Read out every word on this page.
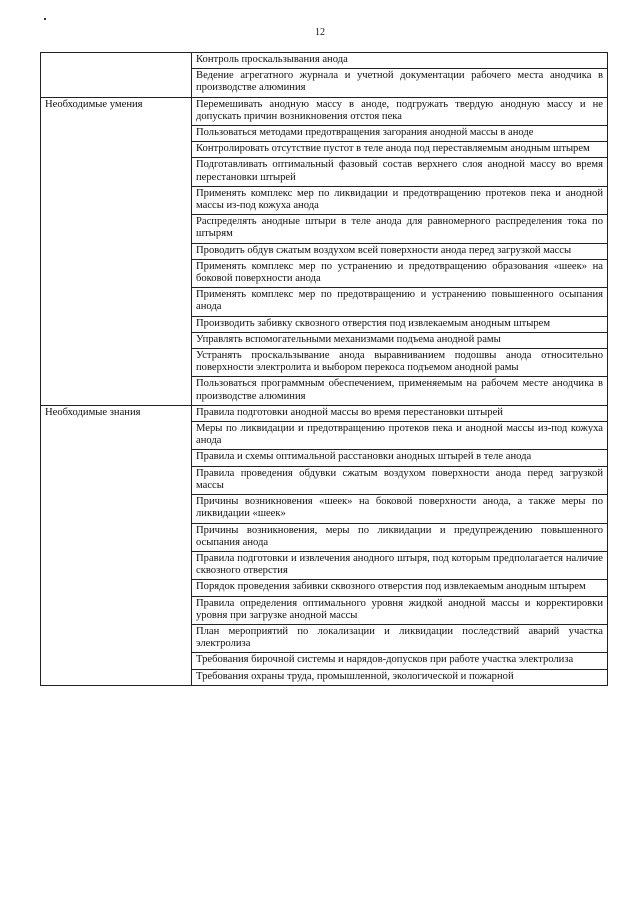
12
	Контроль проскальзывания анода
	Ведение агрегатного журнала и учетной документации рабочего места анодчика в производстве алюминия
Необходимые умения	Перемешивать анодную массу в аноде, подгружать твердую анодную массу и не допускать причин возникновения отстоя пека
	Пользоваться методами предотвращения загорания анодной массы в аноде
	Контролировать отсутствие пустот в теле анода под переставляемым анодным штырем
	Подготавливать оптимальный фазовый состав верхнего слоя анодной массу во время перестановки штырей
	Применять комплекс мер по ликвидации и предотвращению протеков пека и анодной массы из-под кожуха анода
	Распределять анодные штыри в теле анода для равномерного распределения тока по штырям
	Проводить обдув сжатым воздухом всей поверхности анода перед загрузкой массы
	Применять комплекс мер по устранению и предотвращению образования «шеек» на боковой поверхности анода
	Применять комплекс мер по предотвращению и устранению повышенного осыпания анода
	Производить забивку сквозного отверстия под извлекаемым анодным штырем
	Управлять вспомогательными механизмами подъема анодной рамы
	Устранять проскальзывание анода выравниванием подошвы анода относительно поверхности электролита и выбором перекоса подъемом анодной рамы
	Пользоваться программным обеспечением, применяемым на рабочем месте анодчика в производстве алюминия
Необходимые знания	Правила подготовки анодной массы во время перестановки штырей
	Меры по ликвидации и предотвращению протеков пека и анодной массы из-под кожуха анода
	Правила и схемы оптимальной расстановки анодных штырей в теле анода
	Правила проведения обдувки сжатым воздухом поверхности анода перед загрузкой массы
	Причины возникновения «шеек» на боковой поверхности анода, а также меры по ликвидации «шеек»
	Причины возникновения, меры по ликвидации и предупреждению повышенного осыпания анода
	Правила подготовки и извлечения анодного штыря, под которым предполагается наличие сквозного отверстия
	Порядок проведения забивки сквозного отверстия под извлекаемым анодным штырем
	Правила определения оптимального уровня жидкой анодной массы и корректировки уровня при загрузке анодной массы
	План мероприятий по локализации и ликвидации последствий аварий участка электролиза
	Требования бирочной системы и нарядов-допусков при работе участка электролиза
	Требования охраны труда, промышленной, экологической и пожарной
